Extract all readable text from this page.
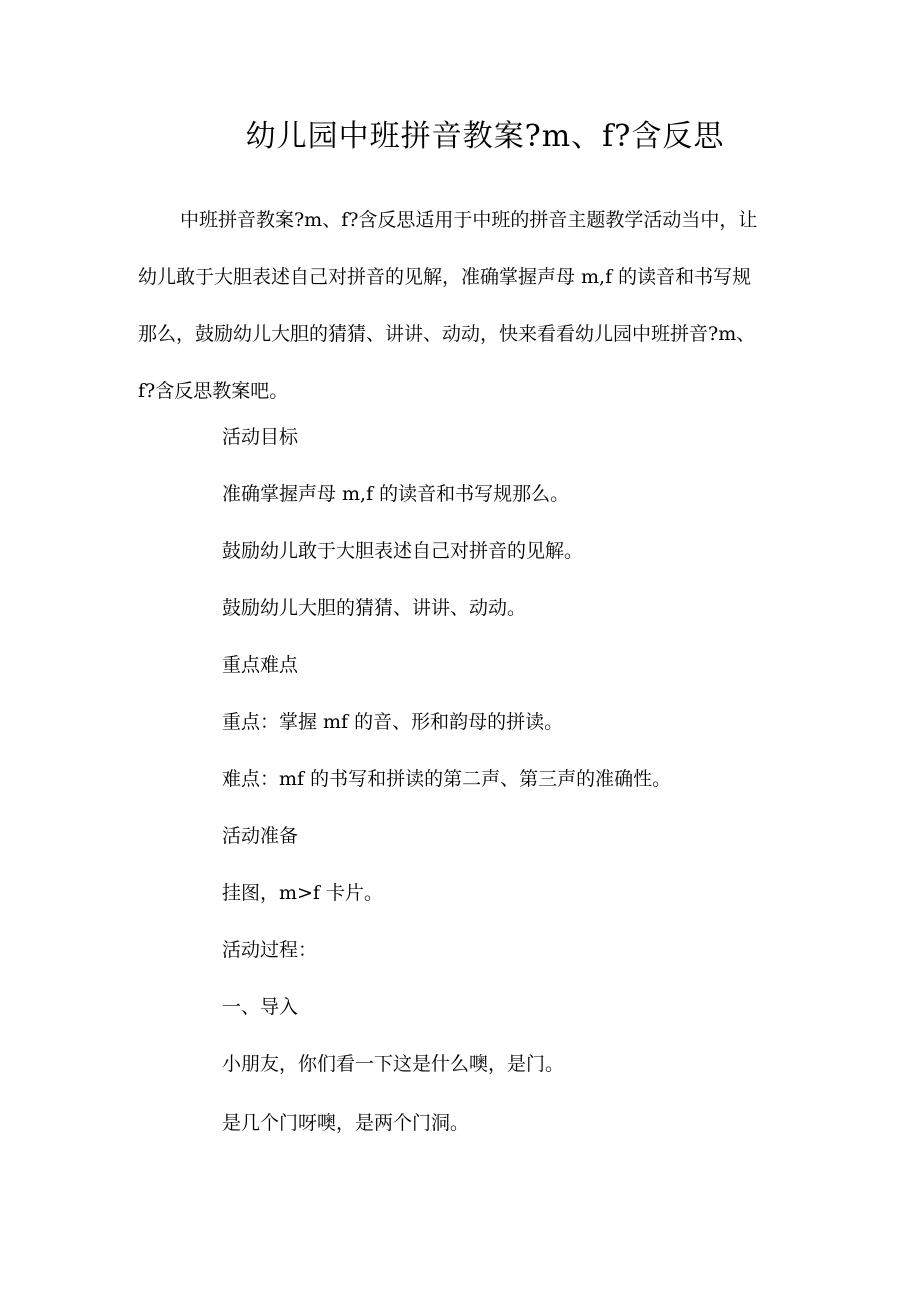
幼儿园中班拼音教案?m、f?含反思

中班拼音教案?m、f?含反思适用于中班的拼音主题教学活动当中，让
幼儿敢于大胆表述自己对拼音的见解，准确掌握声母 m,f 的读音和书写规
那么，鼓励幼儿大胆的猜猜、讲讲、动动，快来看看幼儿园中班拼音?m、
f?含反思教案吧。

活动目标

准确掌握声母 m,f 的读音和书写规那么。

鼓励幼儿敢于大胆表述自己对拼音的见解。

鼓励幼儿大胆的猜猜、讲讲、动动。

重点难点

重点：掌握 mf 的音、形和韵母的拼读。

难点：mf 的书写和拼读的第二声、第三声的准确性。

活动准备

挂图，m>f 卡片。

活动过程：

一、导入

小朋友，你们看一下这是什么噢，是门。

是几个门呀噢，是两个门洞。
